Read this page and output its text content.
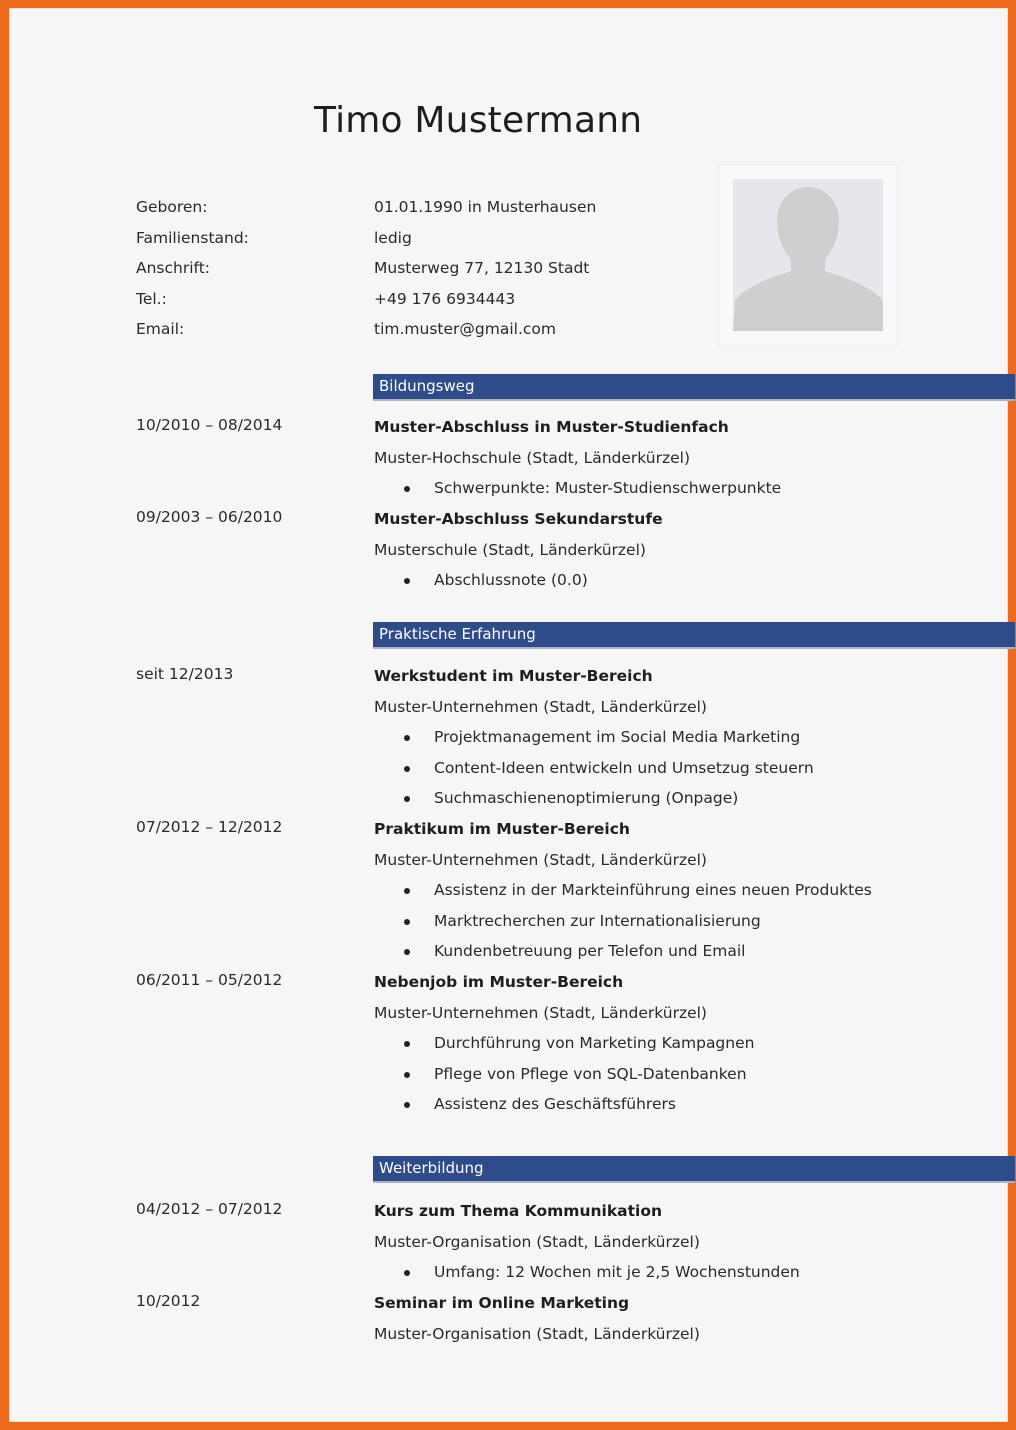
Timo Mustermann
Geboren:	01.01.1990 in Musterhausen
Familienstand:	ledig
Anschrift:	Musterweg 77, 12130 Stadt
Tel.:	+49 176 6934443
Email:	tim.muster@gmail.com
Bildungsweg
10/2010 – 08/2014	Muster-Abschluss in Muster-Studienfach
Muster-Hochschule (Stadt, Länderkürzel)
Schwerpunkte: Muster-Studienschwerpunkte
09/2003 – 06/2010	Muster-Abschluss Sekundarstufe
Musterschule (Stadt, Länderkürzel)
Abschlussnote (0.0)
Praktische Erfahrung
seit 12/2013	Werkstudent im Muster-Bereich
Muster-Unternehmen (Stadt, Länderkürzel)
Projektmanagement im Social Media Marketing
Content-Ideen entwickeln und Umsetzug steuern
Suchmaschienenoptimierung (Onpage)
07/2012 – 12/2012	Praktikum im Muster-Bereich
Muster-Unternehmen (Stadt, Länderkürzel)
Assistenz in der Markteinführung eines neuen Produktes
Marktrecherchen zur Internationalisierung
Kundenbetreuung per Telefon und Email
06/2011 – 05/2012	Nebenjob im Muster-Bereich
Muster-Unternehmen (Stadt, Länderkürzel)
Durchführung von Marketing Kampagnen
Pflege von Pflege von SQL-Datenbanken
Assistenz des Geschäftsführers
Weiterbildung
04/2012 – 07/2012	Kurs zum Thema Kommunikation
Muster-Organisation (Stadt, Länderkürzel)
Umfang: 12 Wochen mit je 2,5 Wochenstunden
10/2012	Seminar im Online Marketing
Muster-Organisation (Stadt, Länderkürzel)
